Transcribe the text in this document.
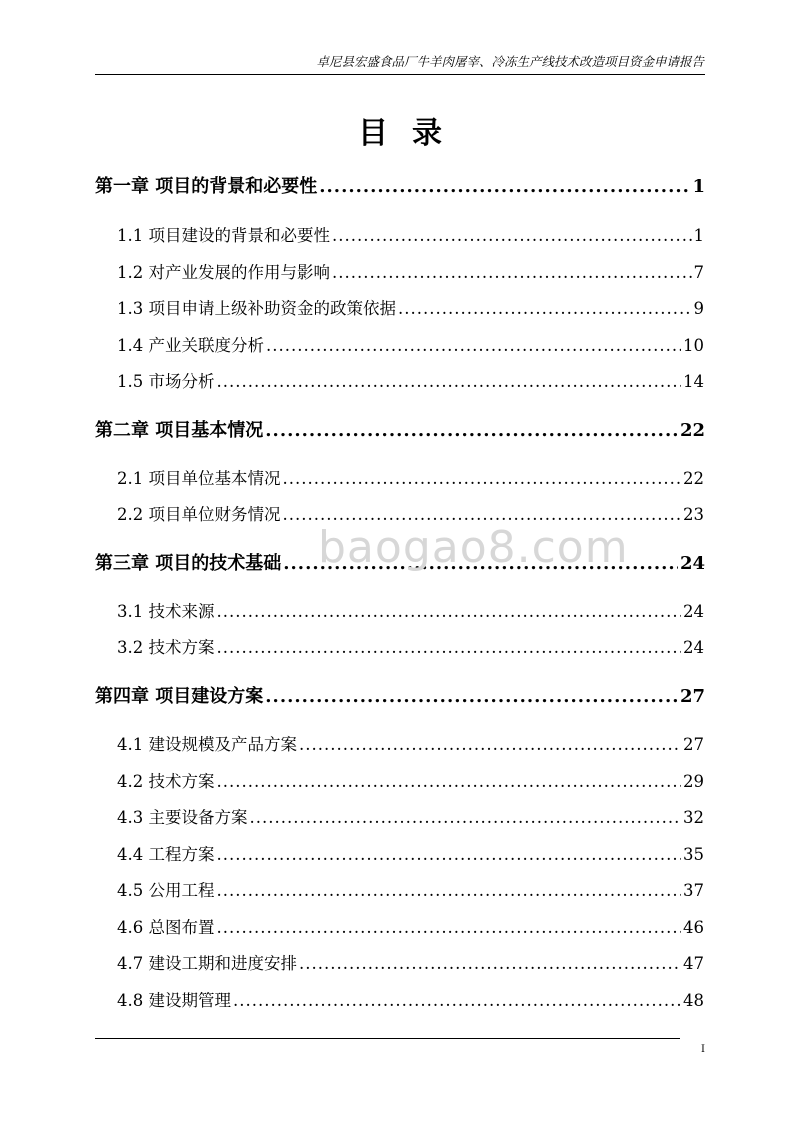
卓尼县宏盛食品厂牛羊肉屠宰、冷冻生产线技术改造项目资金申请报告
目录
第一章 项目的背景和必要性 .....	1
1.1 项目建设的背景和必要性 .....	1
1.2 对产业发展的作用与影响 .....	7
1.3 项目申请上级补助资金的政策依据 .....	9
1.4 产业关联度分析 .....	10
1.5 市场分析 .....	14
第二章 项目基本情况 .....	22
2.1 项目单位基本情况 .....	22
2.2 项目单位财务情况 .....	23
第三章 项目的技术基础 .....	24
3.1 技术来源 .....	24
3.2 技术方案 .....	24
第四章 项目建设方案 .....	27
4.1 建设规模及产品方案 .....	27
4.2 技术方案 .....	29
4.3 主要设备方案 .....	32
4.4 工程方案 .....	35
4.5 公用工程 .....	37
4.6 总图布置 .....	46
4.7 建设工期和进度安排 .....	47
4.8 建设期管理 .....	48
baogao8.com
I
